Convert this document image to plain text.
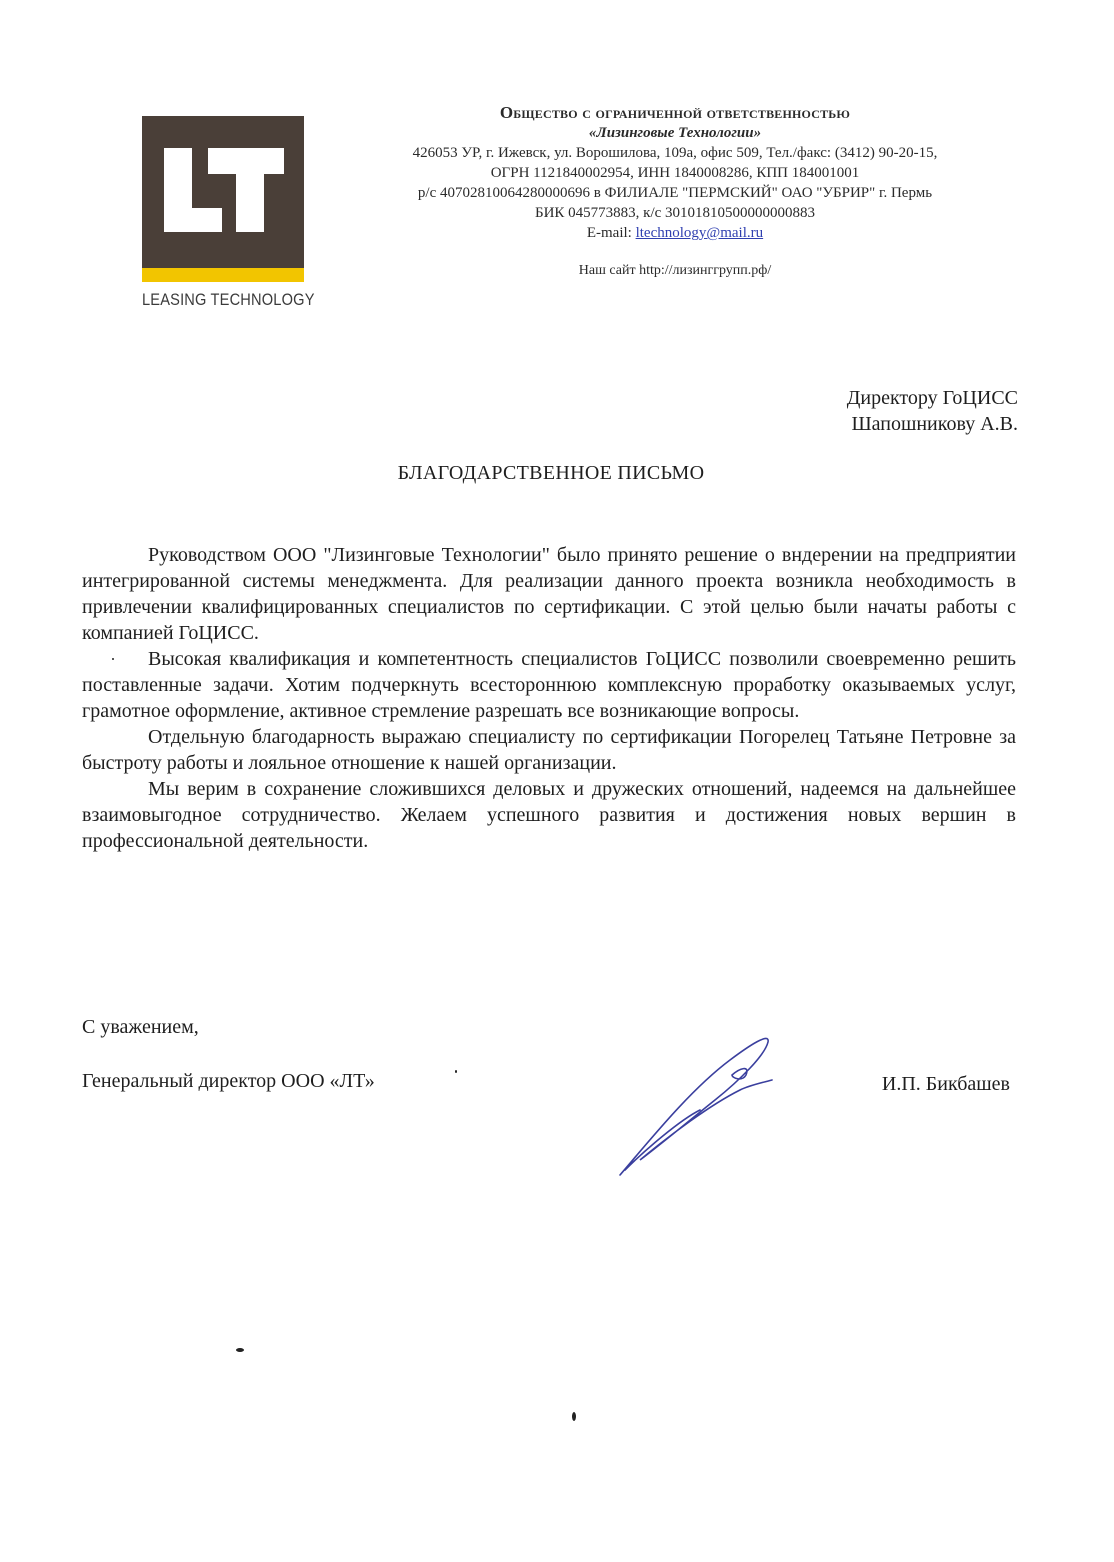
LEASING TECHNOLOGY
Общество с ограниченной ответственностью
«Лизинговые Технологии»
426053 УР, г. Ижевск, ул. Ворошилова, 109а, офис 509, Тел./факс: (3412) 90-20-15,
ОГРН 1121840002954, ИНН 1840008286, КПП 184001001
р/с 40702810064280000696 в ФИЛИАЛЕ "ПЕРМСКИЙ" ОАО "УБРИР" г. Пермь
БИК 045773883, к/с 30101810500000000883
E-mail: ltechnology@mail.ru
Наш сайт http://лизинггрупп.рф/
Директору ГоЦИСС
Шапошникову А.В.
БЛАГОДАРСТВЕННОЕ ПИСЬМО

Руководством ООО "Лизинговые Технологии" было принято решение о вндерении на предприятии интегрированной системы менеджмента. Для реализации данного проекта возникла необходимость в привлечении квалифицированных специалистов по сертификации. С этой целью были начаты работы с компанией ГоЦИСС.

Высокая квалификация и компетентность специалистов ГоЦИСС позволили своевременно решить поставленные задачи. Хотим подчеркнуть всестороннюю комплексную проработку оказываемых услуг, грамотное оформление, активное стремление разрешать все возникающие вопросы.

Отдельную благодарность выражаю специалисту по сертификации Погорелец Татьяне Петровне за быстроту работы и лояльное отношение к нашей организации.

Мы верим в сохранение сложившихся деловых и дружеских отношений, надеемся на дальнейшее взаимовыгодное сотрудничество. Желаем успешного развития и достижения новых вершин в профессиональной деятельности.

С уважением,
Генеральный директор ООО «ЛТ»	И.П. Бикбашев
